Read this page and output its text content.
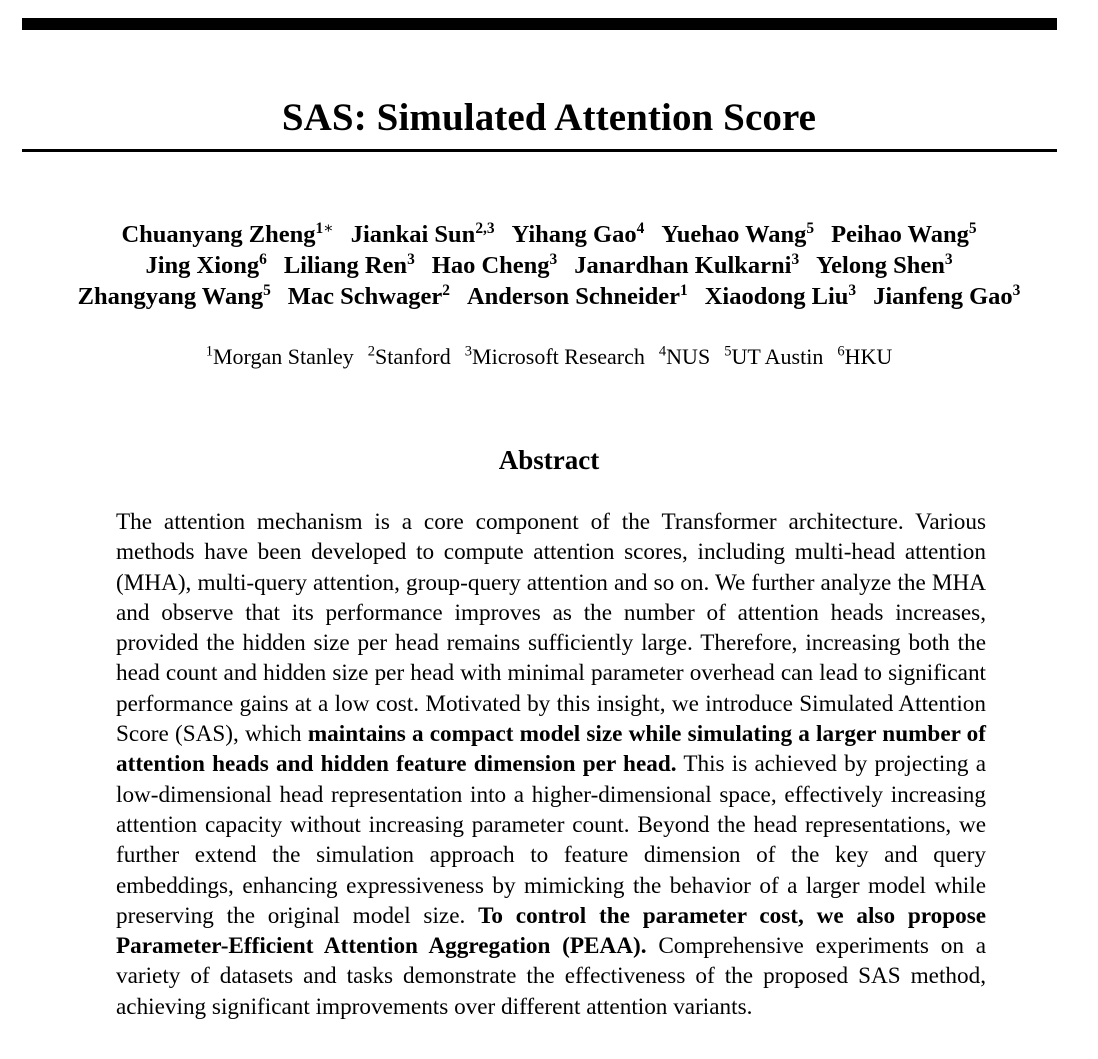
SAS: Simulated Attention Score
Chuanyang Zheng$^{1∗}$ Jiankai Sun$^{2,3}$ Yihang Gao$^4$ Yuehao Wang$^5$ Peihao Wang$^5$
Jing Xiong$^6$ Liliang Ren$^3$ Hao Cheng$^3$ Janardhan Kulkarni$^3$ Yelong Shen$^3$
Zhangyang Wang$^5$ Mac Schwager$^2$ Anderson Schneider$^1$ Xiaodong Liu$^3$ Jianfeng Gao$^3$
$^1$Morgan Stanley $^2$Stanford $^3$Microsoft Research $^4$NUS $^5$UT Austin $^6$HKU
Abstract
The attention mechanism is a core component of the Transformer architecture. Various methods have been developed to compute attention scores, including multi-head attention (MHA), multi-query attention, group-query attention and so on. We further analyze the MHA and observe that its performance improves as the number of attention heads increases, provided the hidden size per head remains sufficiently large. Therefore, increasing both the head count and hidden size per head with minimal parameter overhead can lead to significant performance gains at a low cost. Motivated by this insight, we introduce Simulated Attention Score (SAS), which maintains a compact model size while simulating a larger number of attention heads and hidden feature dimension per head. This is achieved by projecting a low-dimensional head representation into a higher-dimensional space, effectively increasing attention capacity without increasing parameter count. Beyond the head representations, we further extend the simulation approach to feature dimension of the key and query embeddings, enhancing expressiveness by mimicking the behavior of a larger model while preserving the original model size. To control the parameter cost, we also propose Parameter-Efficient Attention Aggregation (PEAA). Comprehensive experiments on a variety of datasets and tasks demonstrate the effectiveness of the proposed SAS method, achieving significant improvements over different attention variants.
